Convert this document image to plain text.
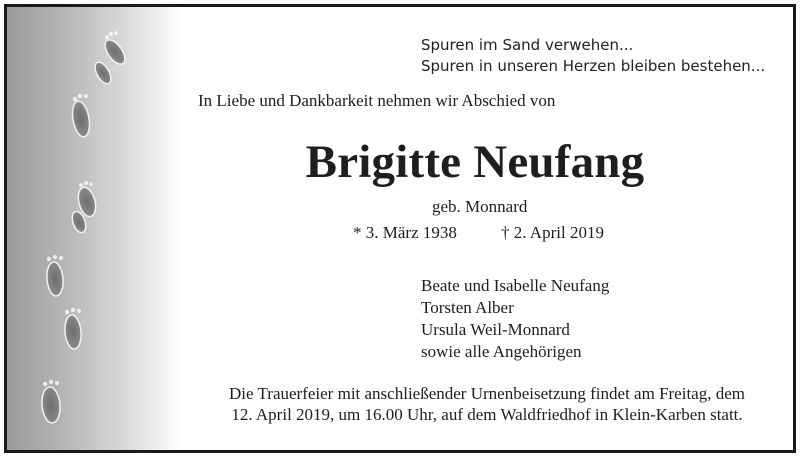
Spuren im Sand verwehen...
Spuren in unseren Herzen bleiben bestehen...
In Liebe und Dankbarkeit nehmen wir Abschied von
Brigitte Neufang
geb. Monnard
* 3. März 1938	† 2. April 2019
Beate und Isabelle Neufang
Torsten Alber
Ursula Weil-Monnard
sowie alle Angehörigen
Die Trauerfeier mit anschließender Urnenbeisetzung findet am Freitag, dem
12. April 2019, um 16.00 Uhr, auf dem Waldfriedhof in Klein-Karben statt.
